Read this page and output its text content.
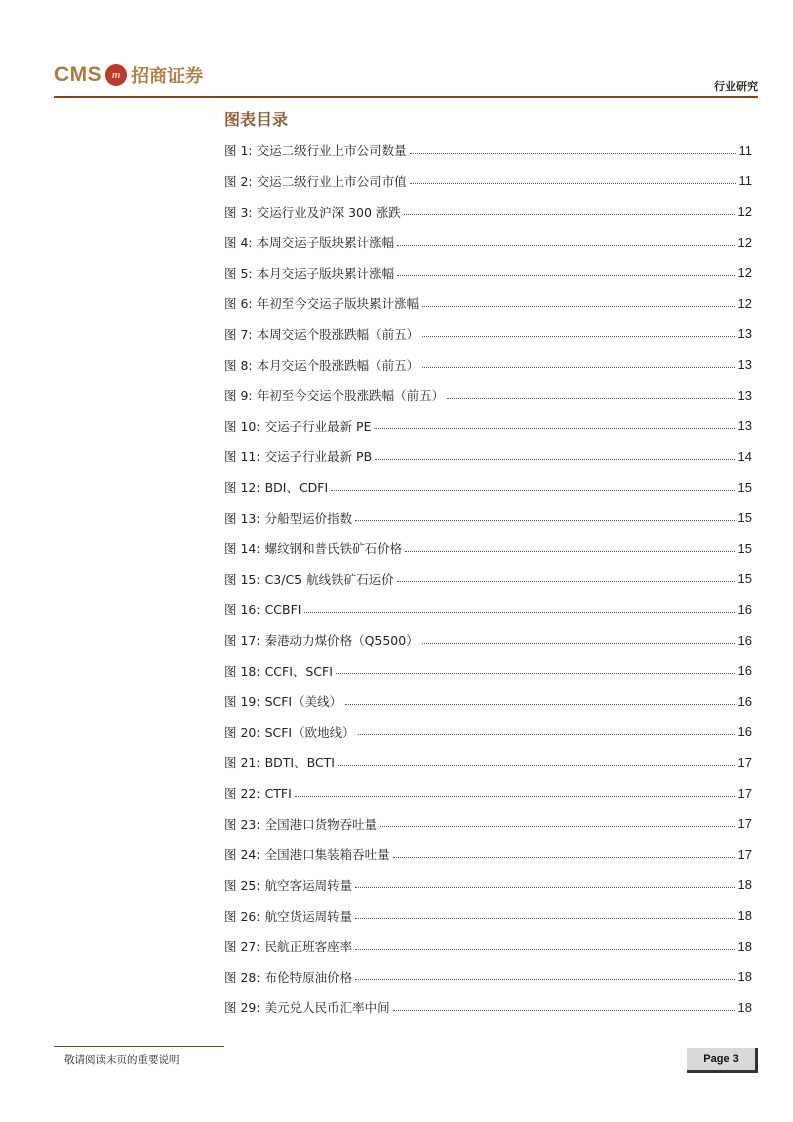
CMS m 招商证券	行业研究
图表目录
图 1: 交运二级行业上市公司数量	11
图 2: 交运二级行业上市公司市值	11
图 3: 交运行业及沪深 300 涨跌	12
图 4: 本周交运子版块累计涨幅	12
图 5: 本月交运子版块累计涨幅	12
图 6: 年初至今交运子版块累计涨幅	12
图 7: 本周交运个股涨跌幅（前五）	13
图 8: 本月交运个股涨跌幅（前五）	13
图 9: 年初至今交运个股涨跌幅（前五）	13
图 10: 交运子行业最新 PE	13
图 11: 交运子行业最新 PB	14
图 12: BDI、CDFI	15
图 13: 分船型运价指数	15
图 14: 螺纹钢和普氏铁矿石价格	15
图 15: C3/C5 航线铁矿石运价	15
图 16: CCBFI	16
图 17: 秦港动力煤价格（Q5500）	16
图 18: CCFI、SCFI	16
图 19: SCFI（美线）	16
图 20: SCFI（欧地线）	16
图 21: BDTI、BCTI	17
图 22: CTFI	17
图 23: 全国港口货物吞吐量	17
图 24: 全国港口集装箱吞吐量	17
图 25: 航空客运周转量	18
图 26: 航空货运周转量	18
图 27: 民航正班客座率	18
图 28: 布伦特原油价格	18
图 29: 美元兑人民币汇率中间	18
敬请阅读末页的重要说明	Page 3
